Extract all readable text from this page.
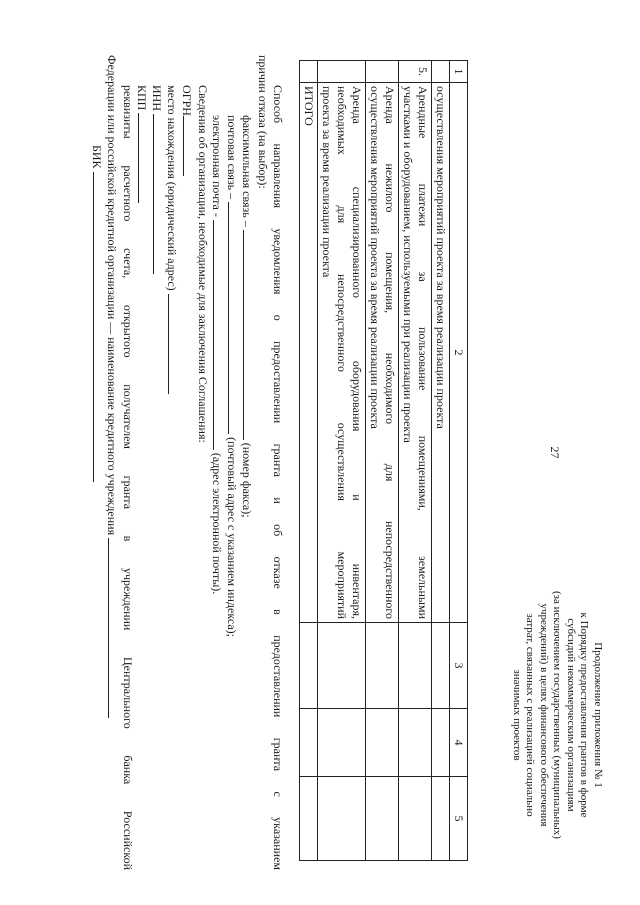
27
Продолжение приложения № 1
к Порядку предоставления грантов в форме
субсидий некоммерческим организациям
(за исключением государственных (муниципальных)
учреждений) в целях финансового обеспечения
затрат, связанных с реализацией социально
значимых проектов
1	2	3	4	5

	осуществления мероприятий проекта за время реализации проекта			

5.	Арендные платежи за пользование помещениями, земельными
участками и оборудованием, используемыми при реализации проекта			

	Аренда нежилого помещения, необходимого для непосредственного
осуществления мероприятий проекта за время реализации проекта			

	Аренда специализированного оборудования и инвентаря,
необходимых для непосредственного осуществления мероприятий
проекта за время реализации проекта			

	ИТОГО			

Способ направления уведомления о предоставлении гранта и об отказе в предоставлении гранта с указанием
причин отказа (на выбор):
факсимильная связь –  (номер факса);
почтовая связь –  (почтовый адрес с указанием индекса);
электронная почта -  (адрес электронной почты).
Сведения об организации, необходимые для заключения Соглашения:
ОГРН
место нахождения (юридический адрес)
ИНН
КПП
реквизиты расчетного счета, открытого получателем гранта в учреждении Центрального банка Российской
Федерации или российской кредитной организации — наименование кредитного учреждения
БИК
